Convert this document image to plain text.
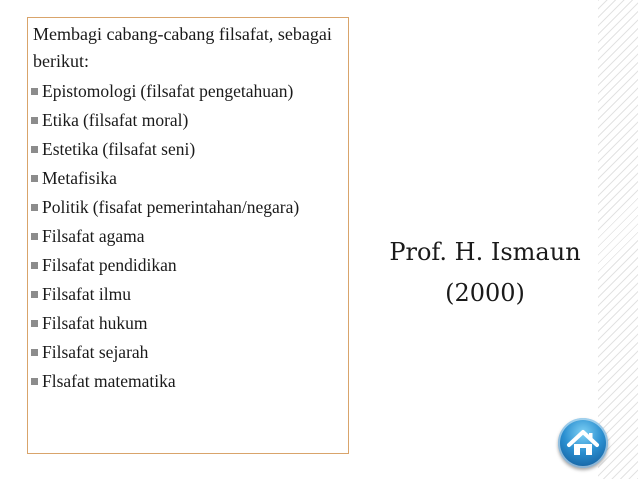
Membagi cabang-cabang filsafat, sebagai berikut:

Epistomologi (filsafat pengetahuan)
Etika (filsafat moral)
Estetika (filsafat seni)
Metafisika
Politik (fisafat pemerintahan/negara)
Filsafat agama
Filsafat pendidikan
Filsafat ilmu
Filsafat hukum
Filsafat sejarah
Flsafat matematika
Prof. H. Ismaun
(2000)
